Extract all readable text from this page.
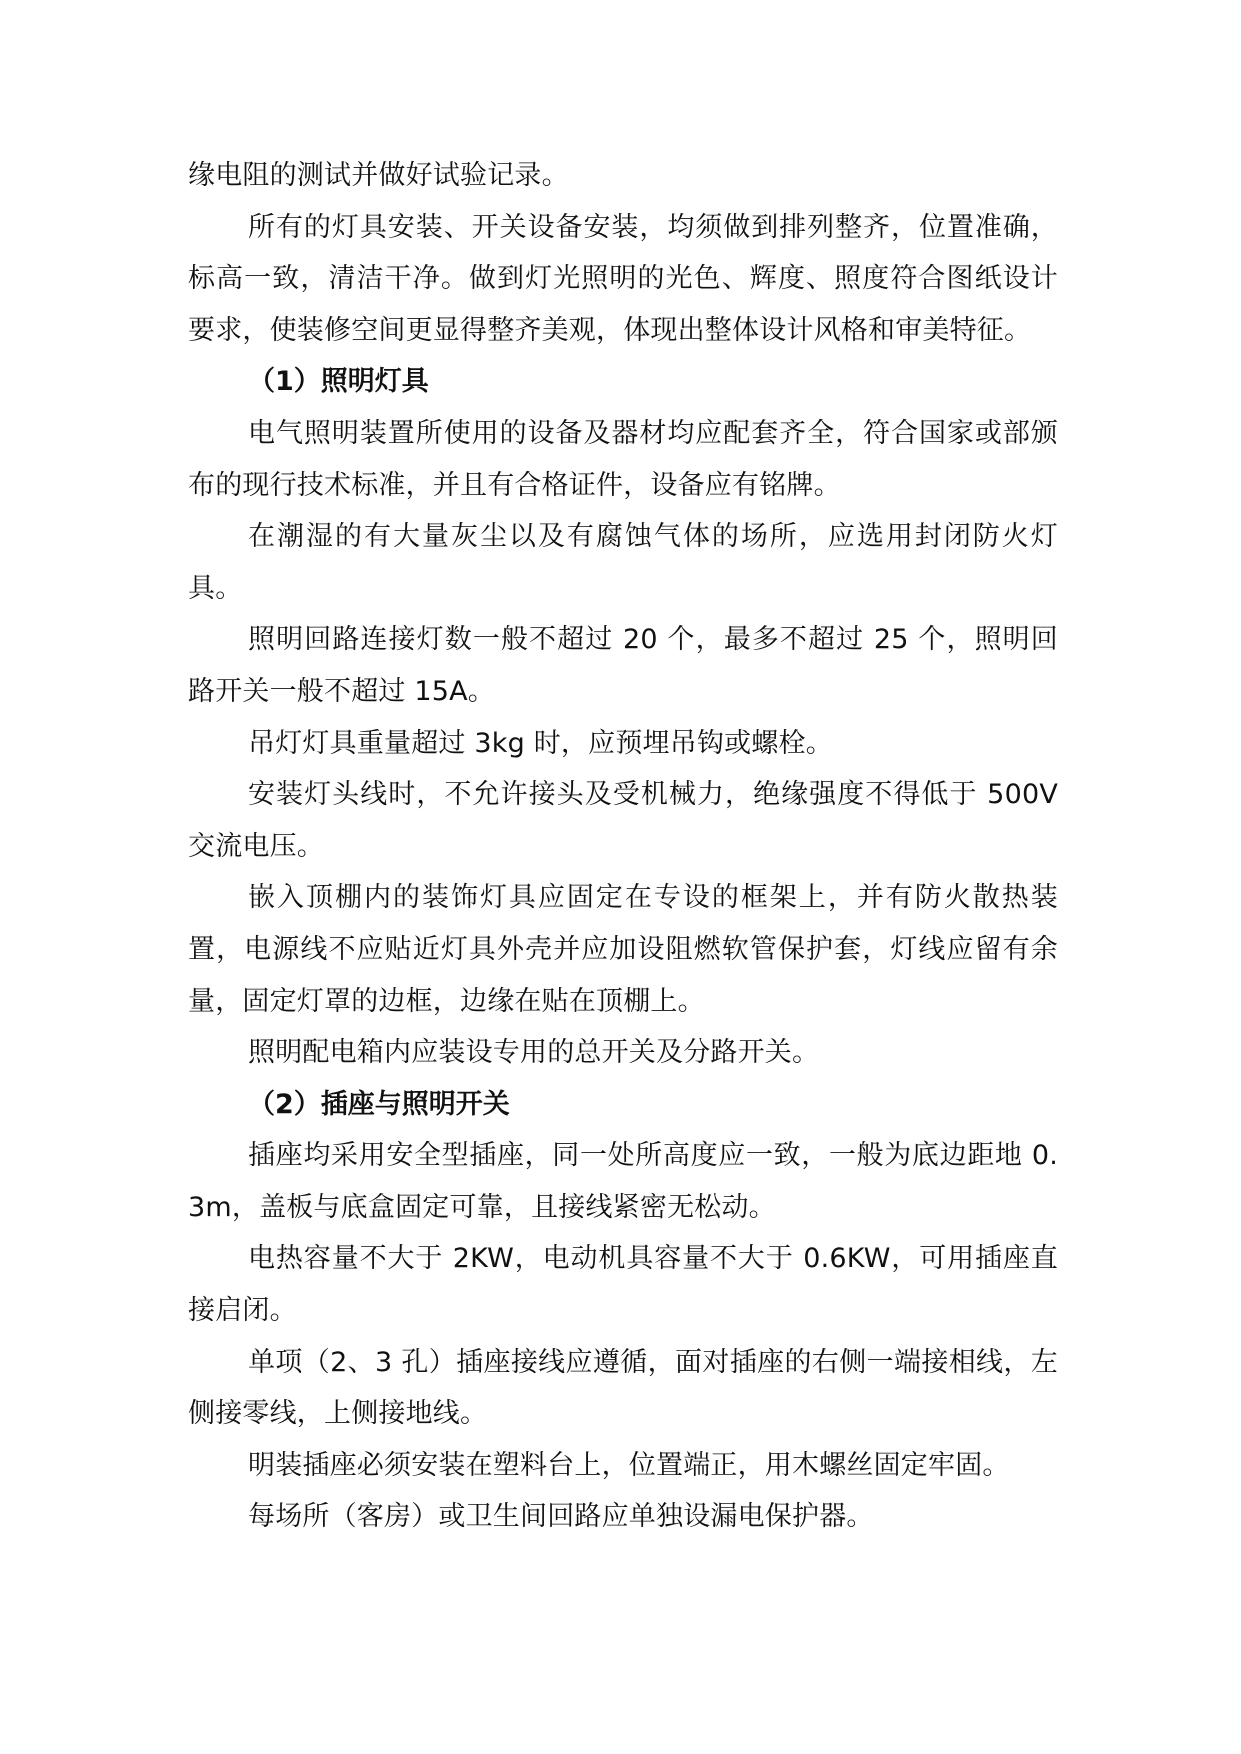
缘电阻的测试并做好试验记录。

所有的灯具安装、开关设备安装，均须做到排列整齐，位置准确，标高一致，清洁干净。做到灯光照明的光色、辉度、照度符合图纸设计要求，使装修空间更显得整齐美观，体现出整体设计风格和审美特征。

（1）照明灯具

电气照明装置所使用的设备及器材均应配套齐全，符合国家或部颁布的现行技术标准，并且有合格证件，设备应有铭牌。

在潮湿的有大量灰尘以及有腐蚀气体的场所，应选用封闭防火灯具。

照明回路连接灯数一般不超过 20 个，最多不超过 25 个，照明回路开关一般不超过 15A。

吊灯灯具重量超过 3kg 时，应预埋吊钩或螺栓。

安装灯头线时，不允许接头及受机械力，绝缘强度不得低于 500V 交流电压。

嵌入顶棚内的装饰灯具应固定在专设的框架上，并有防火散热装置，电源线不应贴近灯具外壳并应加设阻燃软管保护套，灯线应留有余量，固定灯罩的边框，边缘在贴在顶棚上。

照明配电箱内应装设专用的总开关及分路开关。

（2）插座与照明开关

插座均采用安全型插座，同一处所高度应一致，一般为底边距地 0.3m，盖板与底盒固定可靠，且接线紧密无松动。

电热容量不大于 2KW，电动机具容量不大于 0.6KW，可用插座直接启闭。

单项（2、3 孔）插座接线应遵循，面对插座的右侧一端接相线，左侧接零线，上侧接地线。

明装插座必须安装在塑料台上，位置端正，用木螺丝固定牢固。

每场所（客房）或卫生间回路应单独设漏电保护器。
